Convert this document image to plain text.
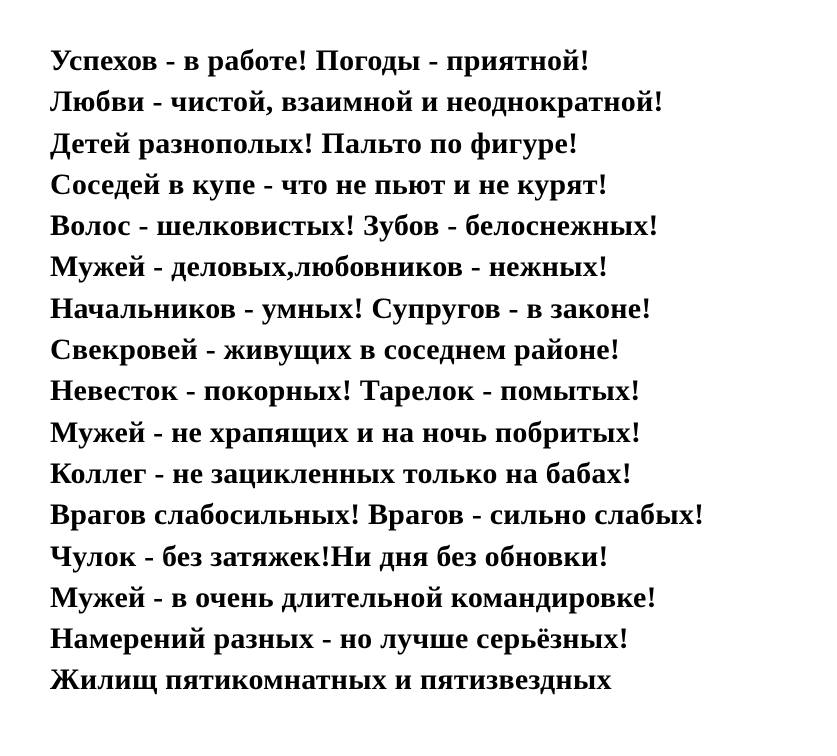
Успехов - в работе! Погоды - приятной!
Любви - чистой, взаимной и неоднократной!
Детей разнополых! Пальто по фигуре!
Соседей в купе - что не пьют и не курят!
Волос - шелковистых! Зубов - белоснежных!
Мужей - деловых,любовников - нежных!
Начальников - умных! Супругов - в законе!
Свекровей - живущих в соседнем районе!
Невесток - покорных! Тарелок - помытых!
Мужей - не храпящих и на ночь побритых!
Коллег - не зацикленных только на бабах!
Врагов слабосильных! Врагов - сильно слабых!
Чулок - без затяжек!Ни дня без обновки!
Мужей - в очень длительной командировке!
Намерений разных - но лучше серьёзных!
Жилищ пятикомнатных и пятизвездных
